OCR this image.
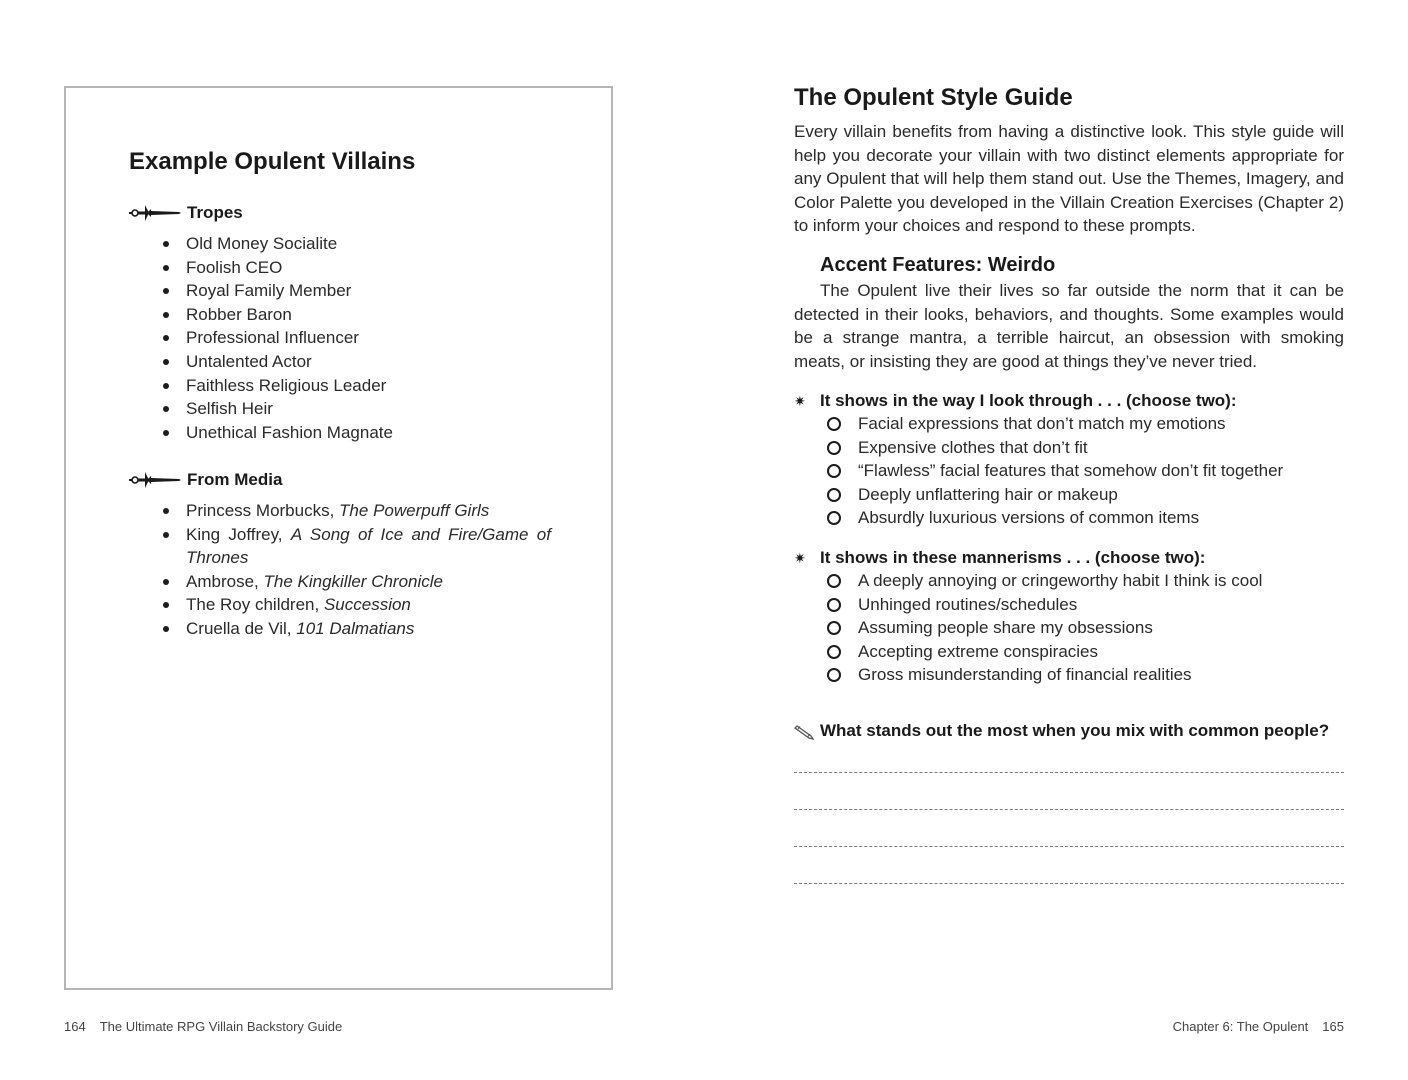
Example Opulent Villains
Tropes
Old Money Socialite
Foolish CEO
Royal Family Member
Robber Baron
Professional Influencer
Untalented Actor
Faithless Religious Leader
Selfish Heir
Unethical Fashion Magnate
From Media
Princess Morbucks, The Powerpuff Girls
King Joffrey, A Song of Ice and Fire/Game of Thrones
Ambrose, The Kingkiller Chronicle
The Roy children, Succession
Cruella de Vil, 101 Dalmatians
164 The Ultimate RPG Villain Backstory Guide
The Opulent Style Guide

Every villain benefits from having a distinctive look. This style guide will help you decorate your villain with two distinct elements appropriate for any Opulent that will help them stand out. Use the Themes, Imagery, and Color Palette you developed in the Villain Creation Exercises (Chapter 2) to inform your choices and respond to these prompts.

Accent Features: Weirdo

The Opulent live their lives so far outside the norm that it can be detected in their looks, behaviors, and thoughts. Some examples would be a strange mantra, a terrible haircut, an obsession with smoking meats, or insisting they are good at things they’ve never tried.

✷ It shows in the way I look through . . . (choose two):
Facial expressions that don’t match my emotions
Expensive clothes that don’t fit
“Flawless” facial features that somehow don’t fit together
Deeply unflattering hair or makeup
Absurdly luxurious versions of common items
✷ It shows in these mannerisms . . . (choose two):
A deeply annoying or cringeworthy habit I think is cool
Unhinged routines/schedules
Assuming people share my obsessions
Accepting extreme conspiracies
Gross misunderstanding of financial realities
What stands out the most when you mix with common people?
Chapter 6: The Opulent 165
